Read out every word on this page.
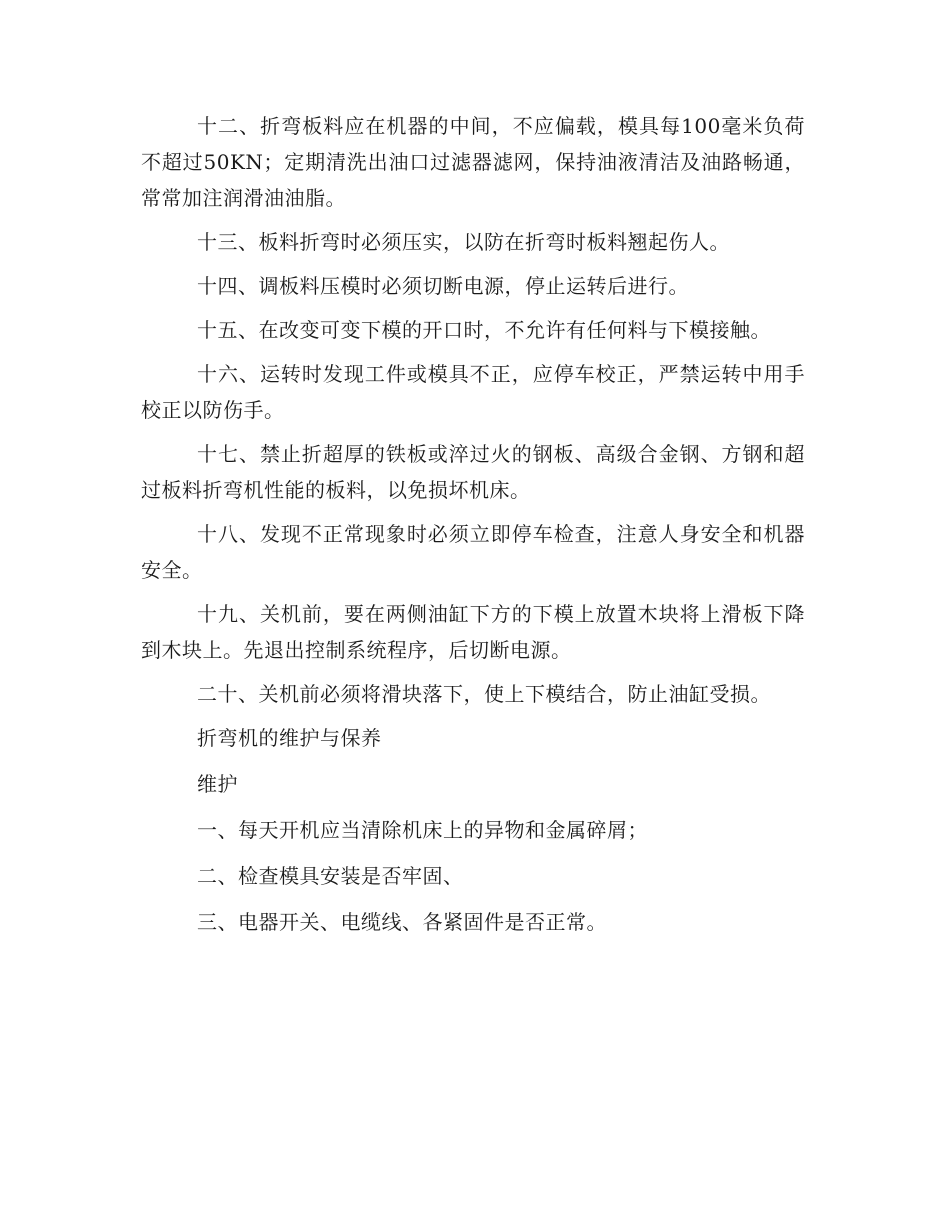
十二、折弯板料应在机器的中间，不应偏载，模具每100毫米负荷不超过50KN；定期清洗出油口过滤器滤网，保持油液清洁及油路畅通，常常加注润滑油油脂。

十三、板料折弯时必须压实，以防在折弯时板料翘起伤人。

十四、调板料压模时必须切断电源，停止运转后进行。

十五、在改变可变下模的开口时，不允许有任何料与下模接触。

十六、运转时发现工件或模具不正，应停车校正，严禁运转中用手校正以防伤手。

十七、禁止折超厚的铁板或淬过火的钢板、高级合金钢、方钢和超过板料折弯机性能的板料，以免损坏机床。

十八、发现不正常现象时必须立即停车检查，注意人身安全和机器安全。

十九、关机前，要在两侧油缸下方的下模上放置木块将上滑板下降到木块上。先退出控制系统程序，后切断电源。

二十、关机前必须将滑块落下，使上下模结合，防止油缸受损。

折弯机的维护与保养

维护

一、每天开机应当清除机床上的异物和金属碎屑；

二、检查模具安装是否牢固、

三、电器开关、电缆线、各紧固件是否正常。
